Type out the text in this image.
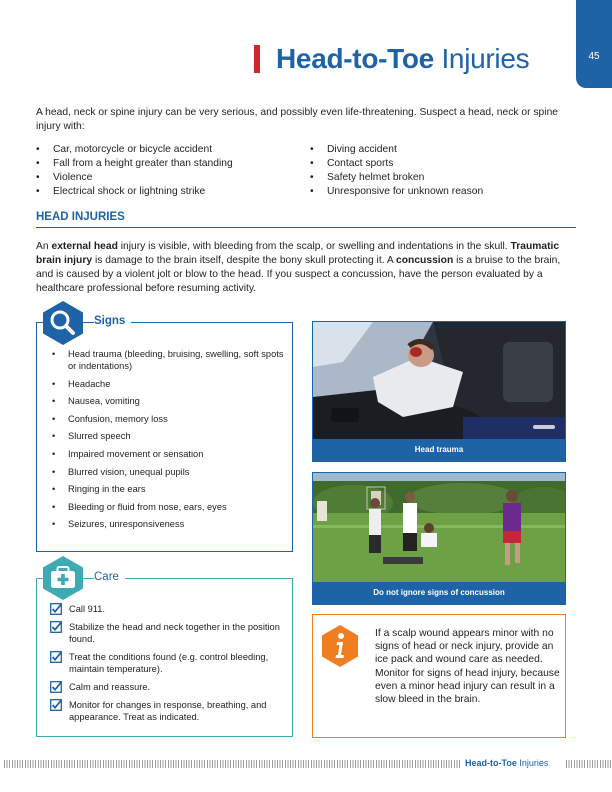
45
Head-to-Toe Injuries

A head, neck or spine injury can be very serious, and possibly even life-threatening. Suspect a head, neck or spine injury with:

• Car, motorcycle or bicycle accident
• Fall from a height greater than standing
• Violence
• Electrical shock or lightning strike
• Diving accident
• Contact sports
• Safety helmet broken
• Unresponsive for unknown reason
HEAD INJURIES

An external head injury is visible, with bleeding from the scalp, or swelling and indentations in the skull. Traumatic brain injury is damage to the brain itself, despite the bony skull protecting it. A concussion is a bruise to the brain, and is caused by a violent jolt or blow to the head. If you suspect a concussion, have the person evaluated by a healthcare professional before resuming activity.

Signs
• Head trauma (bleeding, bruising, swelling, soft spots or indentations)
• Headache
• Nausea, vomiting
• Confusion, memory loss
• Slurred speech
• Impaired movement or sensation
• Blurred vision, unequal pupils
• Ringing in the ears
• Bleeding or fluid from nose, ears, eyes
• Seizures, unresponsiveness
Care
Call 911.
Stabilize the head and neck together in the position found.
Treat the conditions found (e.g. control bleeding, maintain temperature).
Calm and reassure.
Monitor for changes in response, breathing, and appearance. Treat as indicated.
Head trauma
Do not ignore signs of concussion

If a scalp wound appears minor with no signs of head or neck injury, provide an ice pack and wound care as needed. Monitor for signs of head injury, because even a minor head injury can result in a slow bleed in the brain.

Head-to-Toe Injuries
